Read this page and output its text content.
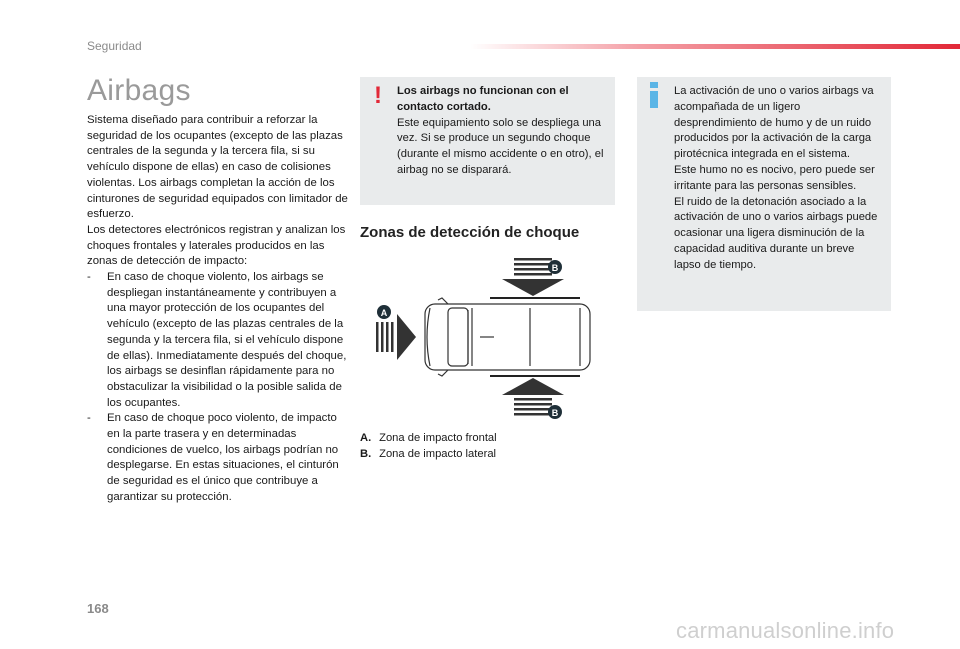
Seguridad
Airbags

Sistema diseñado para contribuir a reforzar la seguridad de los ocupantes (excepto de las plazas centrales de la segunda y la tercera fila, si su vehículo dispone de ellas) en caso de colisiones violentas. Los airbags completan la acción de los cinturones de seguridad equipados con limitador de esfuerzo.

Los detectores electrónicos registran y analizan los choques frontales y laterales producidos en las zonas de detección de impacto:

-	En caso de choque violento, los airbags se despliegan instantáneamente y contribuyen a una mayor protección de los ocupantes del vehículo (excepto de las plazas centrales de la segunda y la tercera fila, si el vehículo dispone de ellas). Inmediatamente después del choque, los airbags se desinflan rápidamente para no obstaculizar la visibilidad o la posible salida de los ocupantes.
-	En caso de choque poco violento, de impacto en la parte trasera y en determinadas condiciones de vuelco, los airbags podrían no desplegarse. En estas situaciones, el cinturón de seguridad es el único que contribuye a garantizar su protección.
! Los airbags no funcionan con el contacto cortado.
Este equipamiento solo se despliega una vez. Si se produce un segundo choque (durante el mismo accidente o en otro), el airbag no se disparará.
La activación de uno o varios airbags va acompañada de un ligero desprendimiento de humo y de un ruido producidos por la activación de la carga pirotécnica integrada en el sistema.
Este humo no es nocivo, pero puede ser irritante para las personas sensibles.
El ruido de la detonación asociado a la activación de uno o varios airbags puede ocasionar una ligera disminución de la capacidad auditiva durante un breve lapso de tiempo.
Zonas de detección de choque
B
A
B
A. Zona de impacto frontal
B. Zona de impacto lateral
168
carmanualsonline.info
